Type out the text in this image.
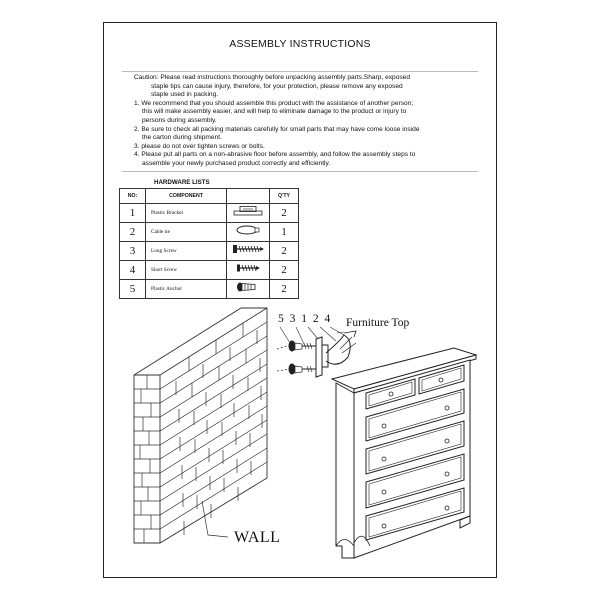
ASSEMBLY INSTRUCTIONS

Caution: Please read instructions thoroughly before unpacking assembly parts.Sharp, exposed

staple tips can cause injury, therefore, for your protection, please remove any exposed

staple used in packing.

1. We recommend that you should assemble this product with the assistance of another person;

this will make assembly easier, and will help to eliminate damage to the product or injury to

persons during assembly.

2. Be sure to check all packing materials carefully for small parts that may have come loose inside

the carton during shipment.

3. please do not over tighten screws or bolts.

4. Please put all parts on a non-abrasive floor before assembly, and follow the assembly steps to

assemble your newly purchased product correctly and efficiently.

HARDWARE LISTS
NO:	COMPONENT		Q'TY
1	Plastic Bracket		2
2	Cable tie		1
3	Long Screw		2
4	Short Screw		2
5	Plastic Anchor		2
5 3 1 2 4 Furniture Top
WALL
